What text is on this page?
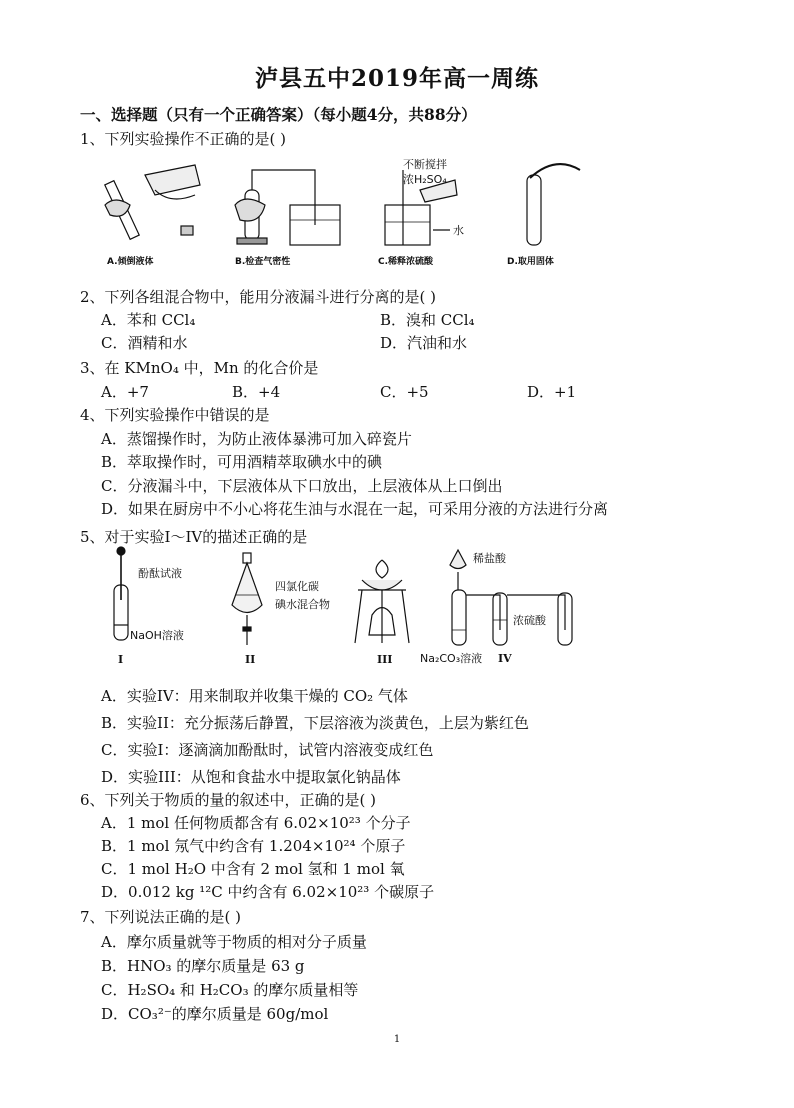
泸县五中2019年高一周练
一、选择题（只有一个正确答案）（每小题4分，共88分）
1、下列实验操作不正确的是( )
A.倾倒液体	B.检查气密性
不断搅拌
浓H₂SO₄
水
C.稀释浓硫酸	D.取用固体
2、下列各组混合物中，能用分液漏斗进行分离的是( )
A．苯和 CCl₄	B．溴和 CCl₄
C．酒精和水	D．汽油和水
3、在 KMnO₄ 中，Mn 的化合价是
A．+7	B．+4	C．+5	D．+1
4、下列实验操作中错误的是
A．蒸馏操作时，为防止液体暴沸可加入碎瓷片
B．萃取操作时，可用酒精萃取碘水中的碘
C．分液漏斗中，下层液体从下口放出，上层液体从上口倒出
D．如果在厨房中不小心将花生油与水混在一起，可采用分液的方法进行分离
5、对于实验I～IV的描述正确的是
酚酞试液
NaOH溶液
I
四氯化碳
碘水混合物
II	III
稀盐酸
浓硫酸
Na₂CO₃溶液 IV
A．实验IV：用来制取并收集干燥的 CO₂ 气体
B．实验II：充分振荡后静置，下层溶液为淡黄色，上层为紫红色
C．实验I：逐滴滴加酚酞时，试管内溶液变成红色
D．实验III：从饱和食盐水中提取氯化钠晶体
6、下列关于物质的量的叙述中，正确的是( )
A．1 mol 任何物质都含有 6.02×10²³ 个分子
B．1 mol 氖气中约含有 1.204×10²⁴ 个原子
C．1 mol H₂O 中含有 2 mol 氢和 1 mol 氧
D．0.012 kg ¹²C 中约含有 6.02×10²³ 个碳原子
7、下列说法正确的是( )
A．摩尔质量就等于物质的相对分子质量
B．HNO₃ 的摩尔质量是 63 g
C．H₂SO₄ 和 H₂CO₃ 的摩尔质量相等
D．CO₃²⁻的摩尔质量是 60g/mol
1
